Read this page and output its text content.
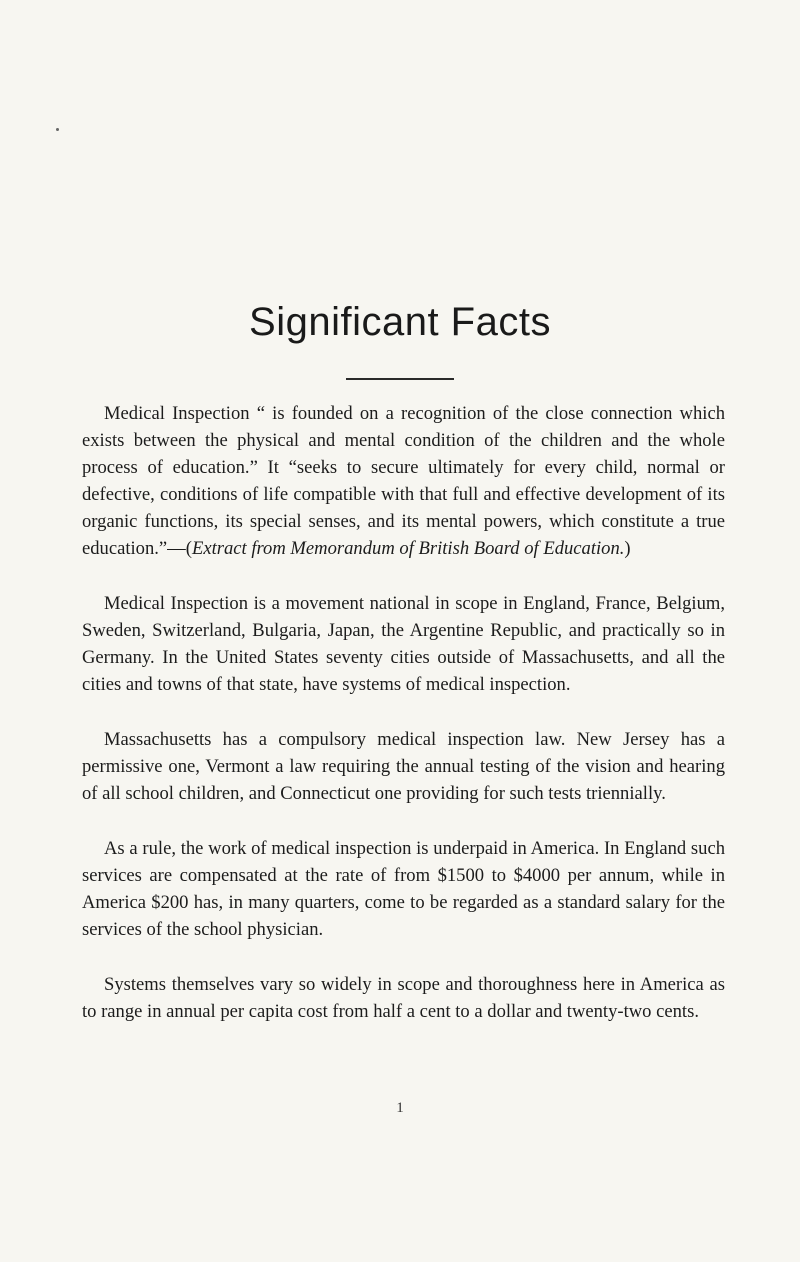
Significant Facts

Medical Inspection “ is founded on a recognition of the close connection which exists between the physical and mental condition of the children and the whole process of education.” It “seeks to secure ultimately for every child, normal or defective, conditions of life compatible with that full and effective development of its organic functions, its special senses, and its mental powers, which constitute a true education.”—(Extract from Memorandum of British Board of Education.)

Medical Inspection is a movement national in scope in England, France, Belgium, Sweden, Switzerland, Bulgaria, Japan, the Argentine Republic, and practically so in Germany. In the United States seventy cities outside of Massachusetts, and all the cities and towns of that state, have systems of medical inspection.

Massachusetts has a compulsory medical inspection law. New Jersey has a permissive one, Vermont a law requiring the annual testing of the vision and hearing of all school children, and Connecticut one providing for such tests triennially.

As a rule, the work of medical inspection is underpaid in America. In England such services are compensated at the rate of from $1500 to $4000 per annum, while in America $200 has, in many quarters, come to be regarded as a standard salary for the services of the school physician.

Systems themselves vary so widely in scope and thoroughness here in America as to range in annual per capita cost from half a cent to a dollar and twenty-two cents.

1
